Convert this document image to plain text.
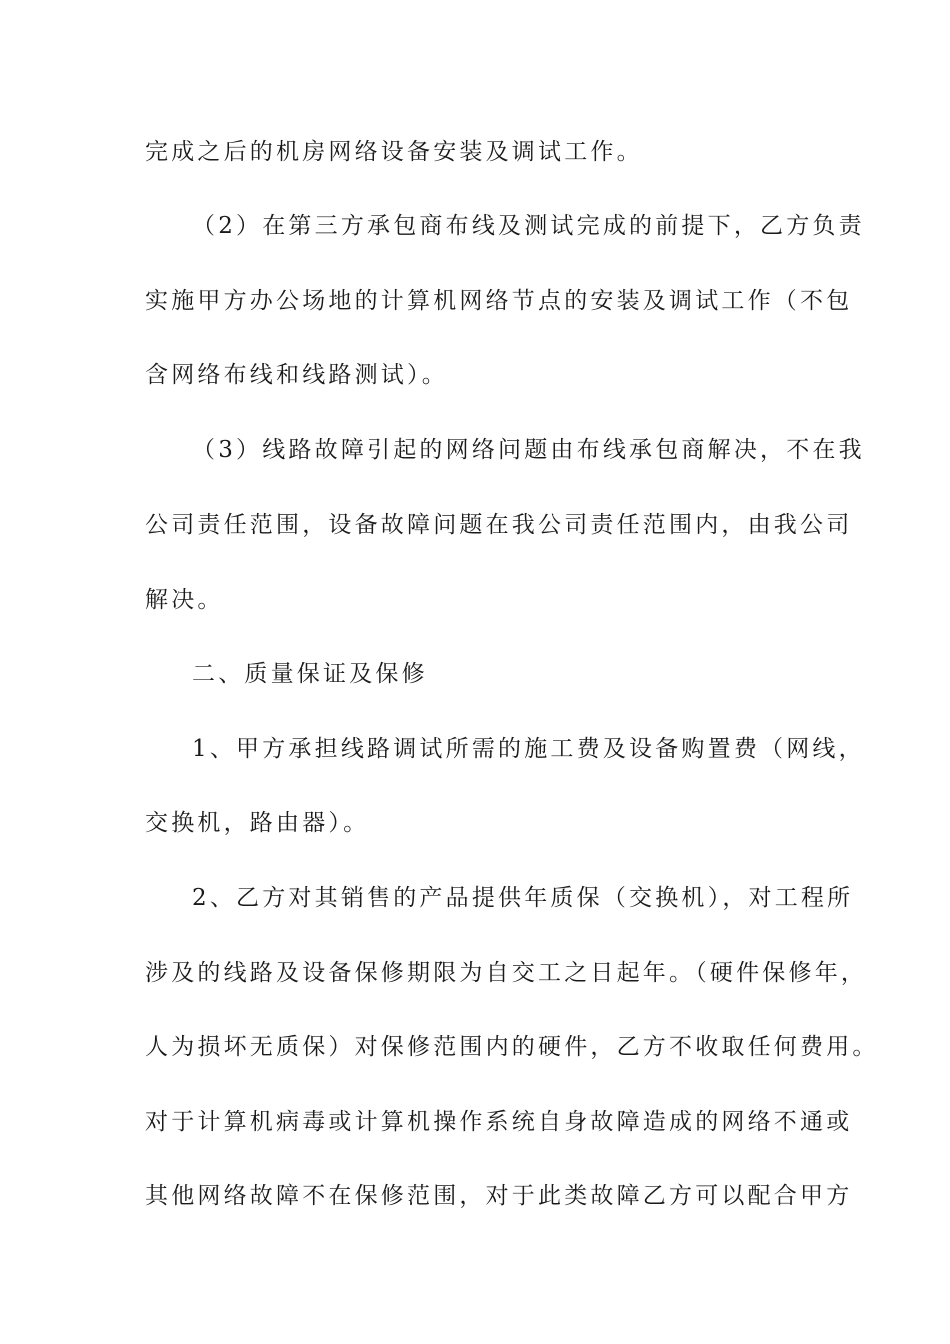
完成之后的机房网络设备安装及调试工作。
（2）在第三方承包商布线及测试完成的前提下，乙方负责
实施甲方办公场地的计算机网络节点的安装及调试工作（不包
含网络布线和线路测试）。
（3）线路故障引起的网络问题由布线承包商解决，不在我
公司责任范围，设备故障问题在我公司责任范围内，由我公司
解决。
二、质量保证及保修
1、甲方承担线路调试所需的施工费及设备购置费（网线，
交换机，路由器）。
2、乙方对其销售的产品提供年质保（交换机），对工程所
涉及的线路及设备保修期限为自交工之日起年。（硬件保修年，
人为损坏无质保）对保修范围内的硬件，乙方不收取任何费用。
对于计算机病毒或计算机操作系统自身故障造成的网络不通或
其他网络故障不在保修范围，对于此类故障乙方可以配合甲方
